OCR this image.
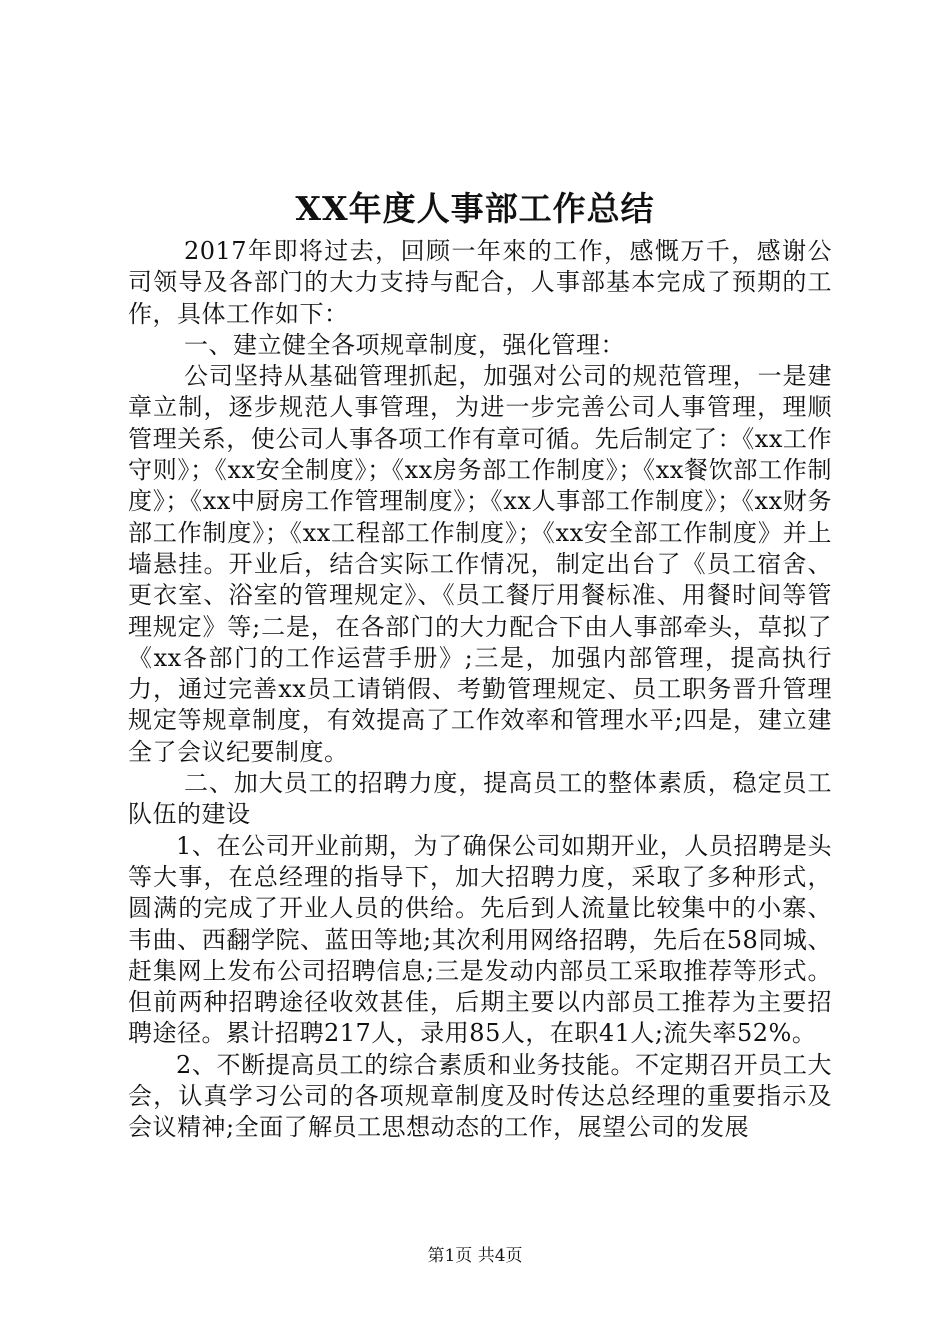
XX年度人事部工作总结

2017年即将过去，回顾一年來的工作，感慨万千，感谢公司领导及各部门的大力支持与配合，人事部基本完成了预期的工作，具体工作如下：

一、建立健全各项规章制度，强化管理：

公司坚持从基础管理抓起，加强对公司的规范管理，一是建章立制，逐步规范人事管理，为进一步完善公司人事管理，理顺管理关系，使公司人事各项工作有章可循。先后制定了：《xx工作守则》；《xx安全制度》；《xx房务部工作制度》；《xx餐饮部工作制度》；《xx中厨房工作管理制度》；《xx人事部工作制度》；《xx财务部工作制度》；《xx工程部工作制度》；《xx安全部工作制度》并上墙悬挂。开业后，结合实际工作情况，制定出台了《员工宿舍、更衣室、浴室的管理规定》、《员工餐厅用餐标准、用餐时间等管理规定》等;二是，在各部门的大力配合下由人事部牵头，草拟了《xx各部门的工作运营手册》;三是，加强内部管理，提高执行力，通过完善xx员工请销假、考勤管理规定、员工职务晋升管理规定等规章制度，有效提高了工作效率和管理水平;四是，建立建全了会议纪要制度。

二、加大员工的招聘力度，提高员工的整体素质，稳定员工队伍的建设

1、在公司开业前期，为了确保公司如期开业，人员招聘是头等大事，在总经理的指导下，加大招聘力度，采取了多种形式，圆满的完成了开业人员的供给。先后到人流量比较集中的小寨、韦曲、西翻学院、蓝田等地;其次利用网络招聘，先后在58同城、赶集网上发布公司招聘信息;三是发动内部员工采取推荐等形式。但前两种招聘途径收效甚佳，后期主要以内部员工推荐为主要招聘途径。累计招聘217人，录用85人，在职41人;流失率52%。

2、不断提高员工的综合素质和业务技能。不定期召开员工大会，认真学习公司的各项规章制度及时传达总经理的重要指示及会议精神;全面了解员工思想动态的工作，展望公司的发展

第1页 共4页
